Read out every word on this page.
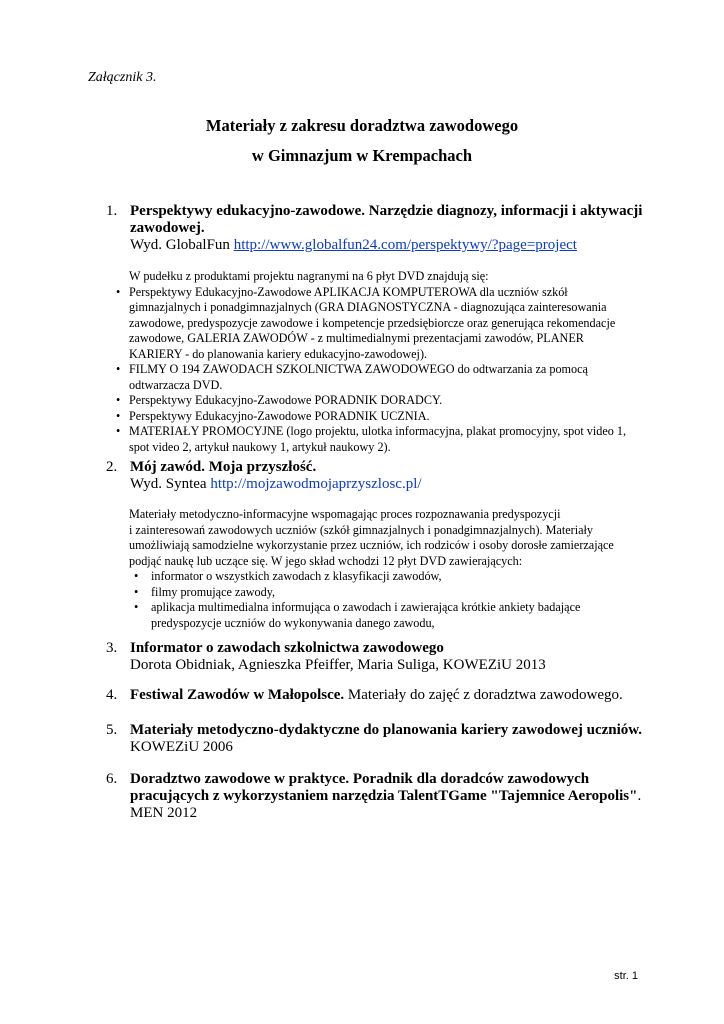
Załącznik 3.
Materiały z zakresu doradztwa zawodowego
w Gimnazjum w Krempachach
1. Perspektywy edukacyjno-zawodowe. Narzędzie diagnozy, informacji i aktywacji
zawodowej.
Wyd. GlobalFun http://www.globalfun24.com/perspektywy/?page=project
W pudełku z produktami projektu nagranymi na 6 płyt DVD znajdują się:
• Perspektywy Edukacyjno-Zawodowe APLIKACJA KOMPUTEROWA dla uczniów szkół
gimnazjalnych i ponadgimnazjalnych (GRA DIAGNOSTYCZNA - diagnozująca zainteresowania
zawodowe, predyspozycje zawodowe i kompetencje przedsiębiorcze oraz generująca rekomendacje
zawodowe, GALERIA ZAWODÓW - z multimedialnymi prezentacjami zawodów, PLANER
KARIERY - do planowania kariery edukacyjno-zawodowej).
• FILMY O 194 ZAWODACH SZKOLNICTWA ZAWODOWEGO do odtwarzania za pomocą
odtwarzacza DVD.
• Perspektywy Edukacyjno-Zawodowe PORADNIK DORADCY.
• Perspektywy Edukacyjno-Zawodowe PORADNIK UCZNIA.
• MATERIAŁY PROMOCYJNE (logo projektu, ulotka informacyjna, plakat promocyjny, spot video 1,
spot video 2, artykuł naukowy 1, artykuł naukowy 2).
2. Mój zawód. Moja przyszłość.
Wyd. Syntea http://mojzawodmojaprzyszlosc.pl/
Materiały metodyczno-informacyjne wspomagając proces rozpoznawania predyspozycji
i zainteresowań zawodowych uczniów (szkół gimnazjalnych i ponadgimnazjalnych). Materiały
umożliwiają samodzielne wykorzystanie przez uczniów, ich rodziców i osoby dorosłe zamierzające
podjąć naukę lub uczące się. W jego skład wchodzi 12 płyt DVD zawierających:
• informator o wszystkich zawodach z klasyfikacji zawodów,
• filmy promujące zawody,
• aplikacja multimedialna informująca o zawodach i zawierająca krótkie ankiety badające
predyspozycje uczniów do wykonywania danego zawodu,
3. Informator o zawodach szkolnictwa zawodowego
Dorota Obidniak, Agnieszka Pfeiffer, Maria Suliga, KOWEZiU 2013
4. Festiwal Zawodów w Małopolsce. Materiały do zajęć z doradztwa zawodowego.
5. Materiały metodyczno-dydaktyczne do planowania kariery zawodowej uczniów.
KOWEZiU 2006
6. Doradztwo zawodowe w praktyce. Poradnik dla doradców zawodowych
pracujących z wykorzystaniem narzędzia TalentTGame "Tajemnice Aeropolis".
MEN 2012
str. 1
